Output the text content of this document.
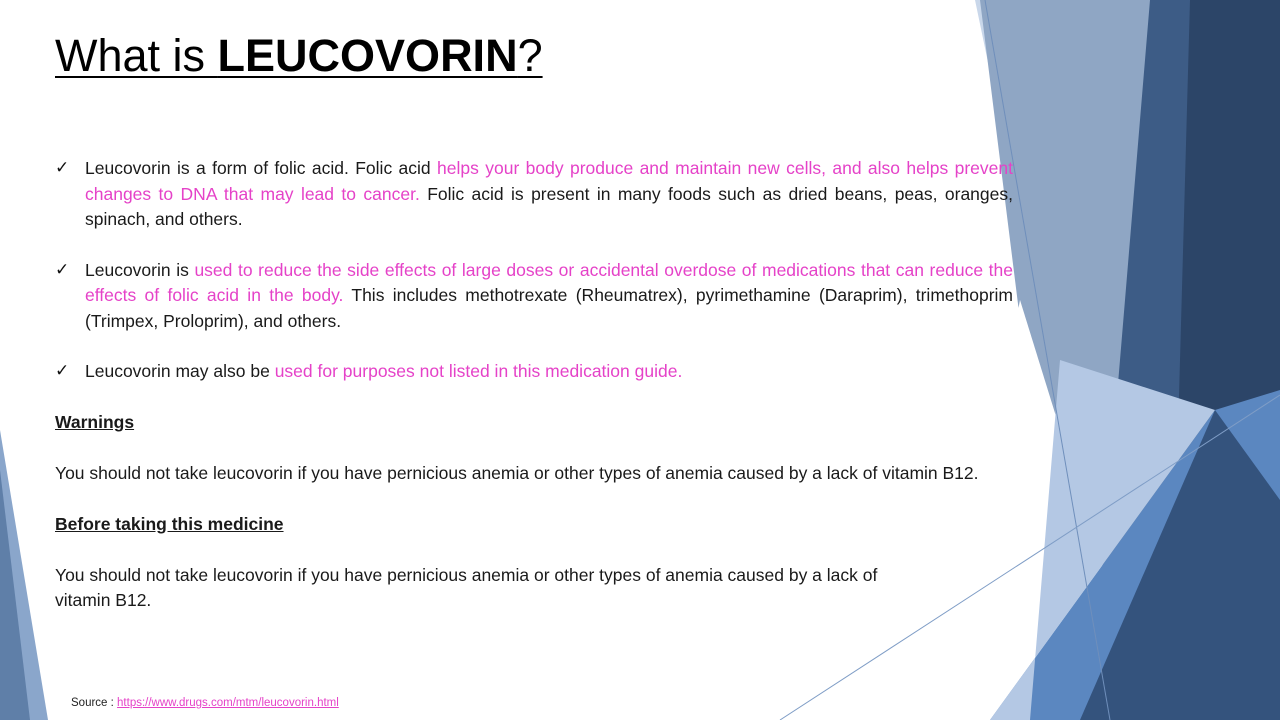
What is LEUCOVORIN?
✓ Leucovorin is a form of folic acid. Folic acid helps your body produce and maintain new cells, and also helps prevent changes to DNA that may lead to cancer. Folic acid is present in many foods such as dried beans, peas, oranges, spinach, and others.
✓ Leucovorin is used to reduce the side effects of large doses or accidental overdose of medications that can reduce the effects of folic acid in the body. This includes methotrexate (Rheumatrex), pyrimethamine (Daraprim), trimethoprim (Trimpex, Proloprim), and others.
✓ Leucovorin may also be used for purposes not listed in this medication guide.
Warnings
You should not take leucovorin if you have pernicious anemia or other types of anemia caused by a lack of vitamin B12.
Before taking this medicine
You should not take leucovorin if you have pernicious anemia or other types of anemia caused by a lack of vitamin B12.
Source : https://www.drugs.com/mtm/leucovorin.html
